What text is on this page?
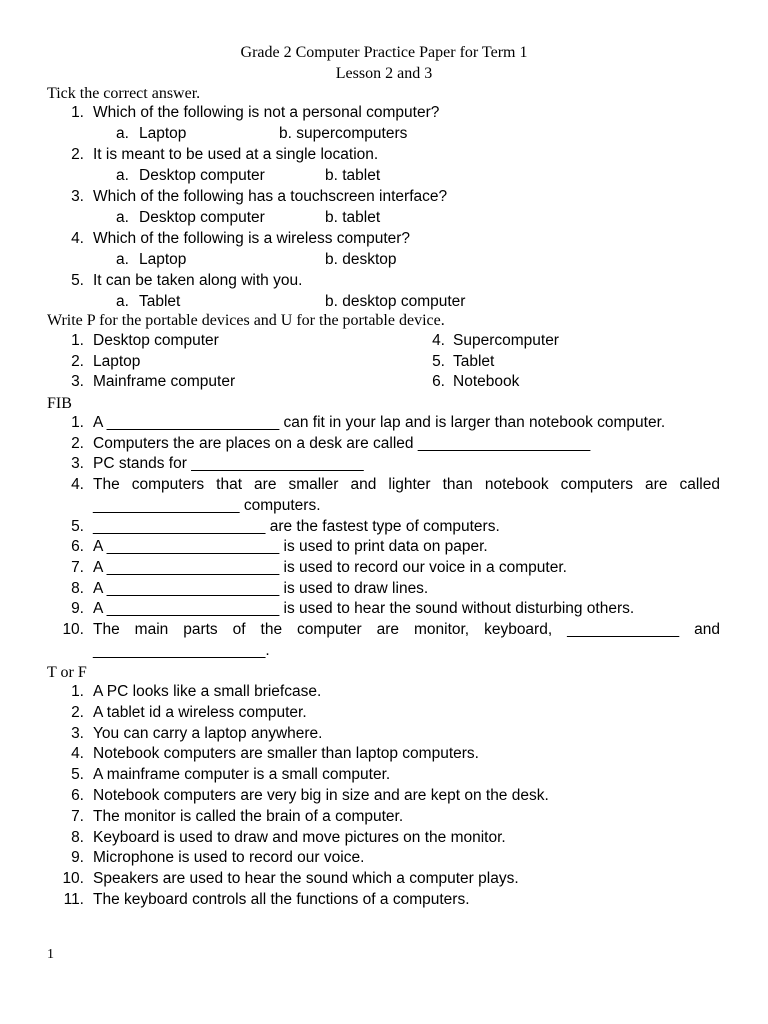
Grade 2 Computer Practice Paper for Term 1
Lesson 2 and 3
Tick the correct answer.
1. Which of the following is not a personal computer?
a. Laptop	b. supercomputers
2. It is meant to be used at a single location.
a. Desktop computer	b. tablet
3. Which of the following has a touchscreen interface?
a. Desktop computer	b. tablet
4. Which of the following is a wireless computer?
a. Laptop	b. desktop
5. It can be taken along with you.
a. Tablet	b. desktop computer
Write P for the portable devices and U for the portable device.
1. Desktop computer
2. Laptop
3. Mainframe computer
4. Supercomputer
5. Tablet
6. Notebook
FIB
1. A ____________________ can fit in your lap and is larger than notebook computer.
2. Computers the are places on a desk are called ____________________
3. PC stands for ____________________
4. The computers that are smaller and lighter than notebook computers are called
_________________ computers.
5. ____________________ are the fastest type of computers.
6. A ____________________ is used to print data on paper.
7. A ____________________ is used to record our voice in a computer.
8. A ____________________ is used to draw lines.
9. A ____________________ is used to hear the sound without disturbing others.
10. The main parts of the computer are monitor, keyboard, _____________ and
____________________.
T or F
1. A PC looks like a small briefcase.
2. A tablet id a wireless computer.
3. You can carry a laptop anywhere.
4. Notebook computers are smaller than laptop computers.
5. A mainframe computer is a small computer.
6. Notebook computers are very big in size and are kept on the desk.
7. The monitor is called the brain of a computer.
8. Keyboard is used to draw and move pictures on the monitor.
9. Microphone is used to record our voice.
10. Speakers are used to hear the sound which a computer plays.
11. The keyboard controls all the functions of a computers.
1
